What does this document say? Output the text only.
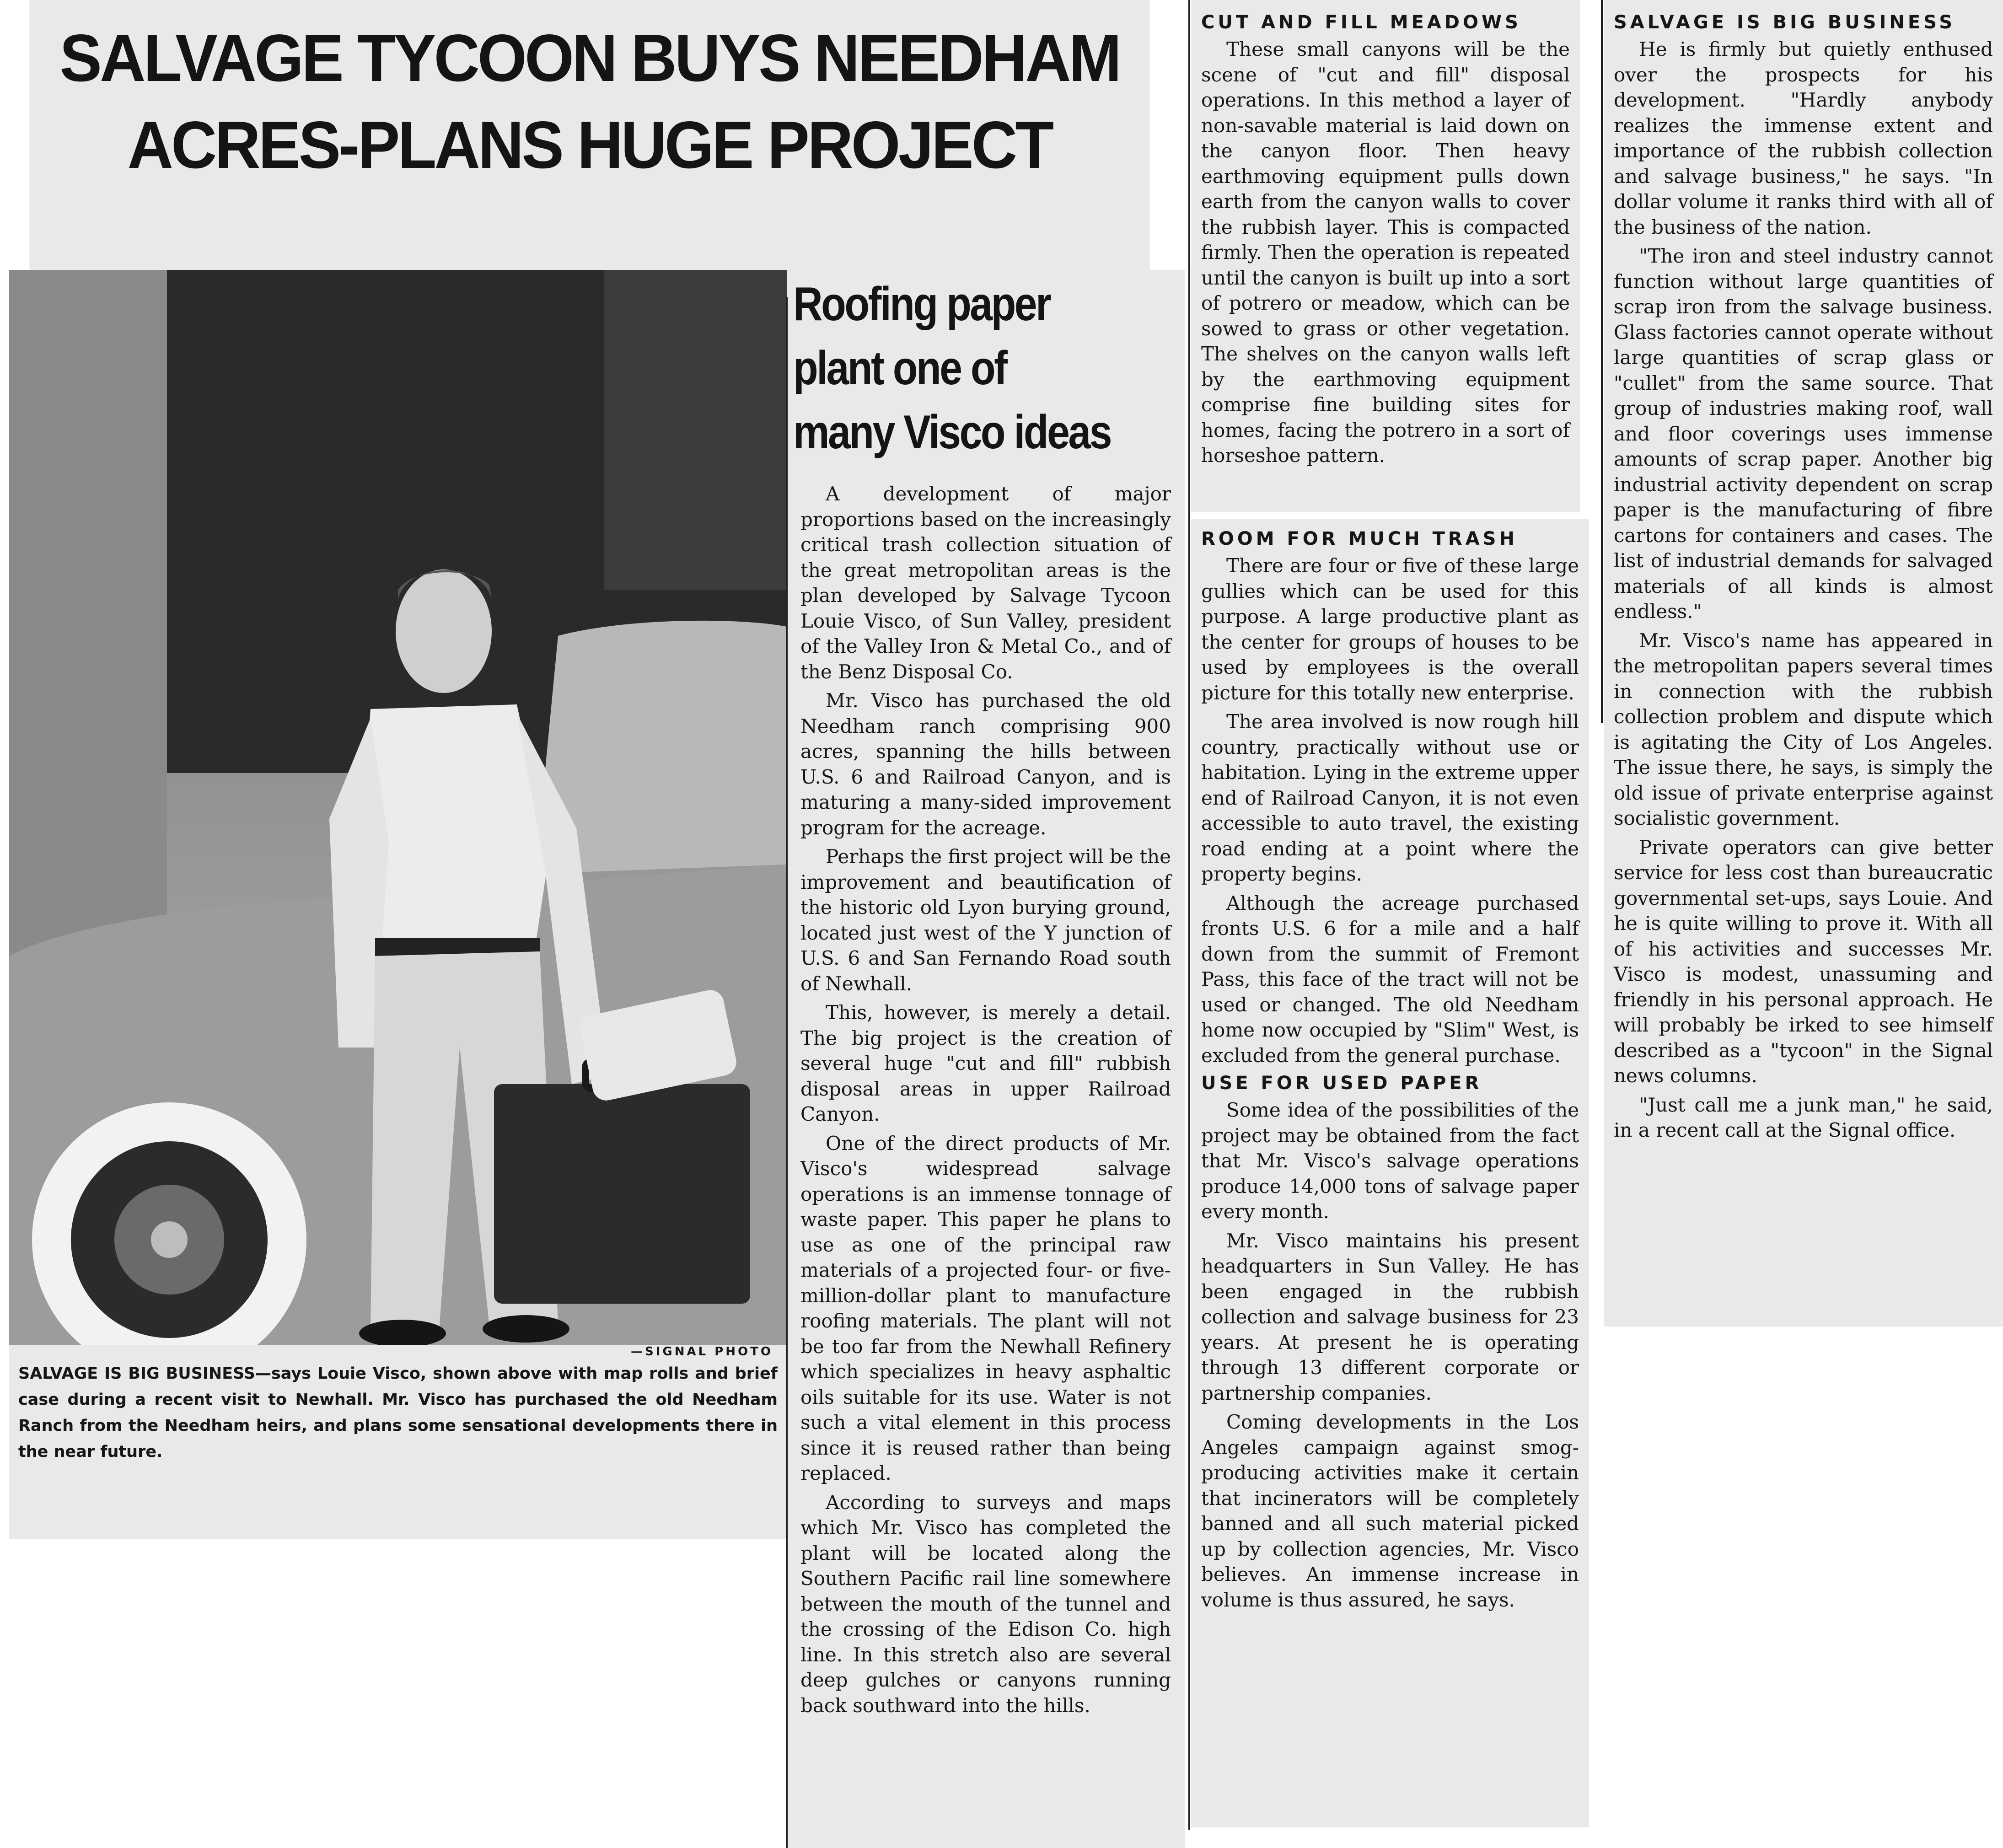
SALVAGE TYCOON BUYS NEEDHAM
ACRES-PLANS HUGE PROJECT
—SIGNAL PHOTO
SALVAGE IS BIG BUSINESS—says Louie Visco, shown above with map rolls and brief case during a recent visit to Newhall. Mr. Visco has purchased the old Needham Ranch from the Needham heirs, and plans some sensational developments there in the near future.
Roofing paper
plant one of
many Visco ideas

A development of major proportions based on the increasingly critical trash collection situation of the great metropolitan areas is the plan developed by Salvage Tycoon Louie Visco, of Sun Valley, president of the Valley Iron & Metal Co., and of the Benz Disposal Co.

Mr. Visco has purchased the old Needham ranch comprising 900 acres, spanning the hills between U.S. 6 and Railroad Canyon, and is maturing a many-sided improvement program for the acreage.

Perhaps the first project will be the improvement and beautification of the historic old Lyon burying ground, located just west of the Y junction of U.S. 6 and San Fernando Road south of Newhall.

This, however, is merely a detail. The big project is the creation of several huge "cut and fill" rubbish disposal areas in upper Railroad Canyon.

One of the direct products of Mr. Visco's widespread salvage operations is an immense tonnage of waste paper. This paper he plans to use as one of the principal raw materials of a projected four- or five-million-dollar plant to manufacture roofing materials. The plant will not be too far from the Newhall Refinery which specializes in heavy asphaltic oils suitable for its use. Water is not such a vital element in this process since it is reused rather than being replaced.

According to surveys and maps which Mr. Visco has completed the plant will be located along the Southern Pacific rail line somewhere between the mouth of the tunnel and the crossing of the Edison Co. high line. In this stretch also are several deep gulches or canyons running back southward into the hills.

CUT AND FILL MEADOWS

These small canyons will be the scene of "cut and fill" disposal operations. In this method a layer of non-savable material is laid down on the canyon floor. Then heavy earthmoving equipment pulls down earth from the canyon walls to cover the rubbish layer. This is compacted firmly. Then the operation is repeated until the canyon is built up into a sort of potrero or meadow, which can be sowed to grass or other vegetation. The shelves on the canyon walls left by the earthmoving equipment comprise fine building sites for homes, facing the potrero in a sort of horseshoe pattern.

ROOM FOR MUCH TRASH

There are four or five of these large gullies which can be used for this purpose. A large productive plant as the center for groups of houses to be used by employees is the overall picture for this totally new enterprise.

The area involved is now rough hill country, practically without use or habitation. Lying in the extreme upper end of Railroad Canyon, it is not even accessible to auto travel, the existing road ending at a point where the property begins.

Although the acreage purchased fronts U.S. 6 for a mile and a half down from the summit of Fremont Pass, this face of the tract will not be used or changed. The old Needham home now occupied by "Slim" West, is excluded from the general purchase.

USE FOR USED PAPER

Some idea of the possibilities of the project may be obtained from the fact that Mr. Visco's salvage operations produce 14,000 tons of salvage paper every month.

Mr. Visco maintains his present headquarters in Sun Valley. He has been engaged in the rubbish collection and salvage business for 23 years. At present he is operating through 13 different corporate or partnership companies.

Coming developments in the Los Angeles campaign against smog- producing activities make it certain that incinerators will be completely banned and all such material picked up by collection agencies, Mr. Visco believes. An immense increase in volume is thus assured, he says.

SALVAGE IS BIG BUSINESS

He is firmly but quietly enthused over the prospects for his development. "Hardly anybody realizes the immense extent and importance of the rubbish collection and salvage business," he says. "In dollar volume it ranks third with all of the business of the nation.

"The iron and steel industry cannot function without large quantities of scrap iron from the salvage business. Glass factories cannot operate without large quantities of scrap glass or "cullet" from the same source. That group of industries making roof, wall and floor coverings uses immense amounts of scrap paper. Another big industrial activity dependent on scrap paper is the manufacturing of fibre cartons for containers and cases. The list of industrial demands for salvaged materials of all kinds is almost endless."

Mr. Visco's name has appeared in the metropolitan papers several times in connection with the rubbish collection problem and dispute which is agitating the City of Los Angeles. The issue there, he says, is simply the old issue of private enterprise against socialistic government.

Private operators can give better service for less cost than bureaucratic governmental set-ups, says Louie. And he is quite willing to prove it. With all of his activities and successes Mr. Visco is modest, unassuming and friendly in his personal approach. He will probably be irked to see himself described as a "tycoon" in the Signal news columns.

"Just call me a junk man," he said, in a recent call at the Signal office.
